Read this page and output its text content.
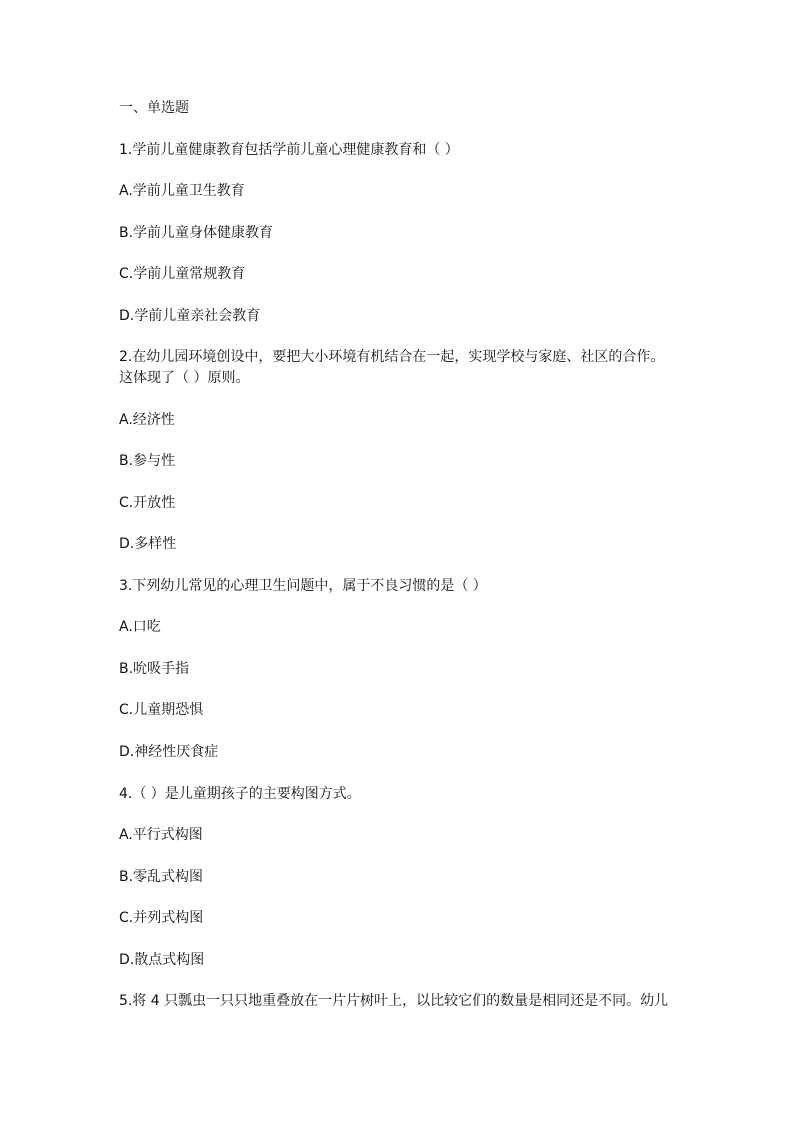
一、单选题
1.学前儿童健康教育包括学前儿童心理健康教育和（ ）
A.学前儿童卫生教育
B.学前儿童身体健康教育
C.学前儿童常规教育
D.学前儿童亲社会教育
2.在幼儿园环境创设中，要把大小环境有机结合在一起，实现学校与家庭、社区的合作。
这体现了（ ）原则。
A.经济性
B.参与性
C.开放性
D.多样性
3.下列幼儿常见的心理卫生问题中，属于不良习惯的是（ ）
A.口吃
B.吮吸手指
C.儿童期恐惧
D.神经性厌食症
4.（ ）是儿童期孩子的主要构图方式。
A.平行式构图
B.零乱式构图
C.并列式构图
D.散点式构图
5.将 4 只瓢虫一只只地重叠放在一片片树叶上，以比较它们的数量是相同还是不同。幼儿
